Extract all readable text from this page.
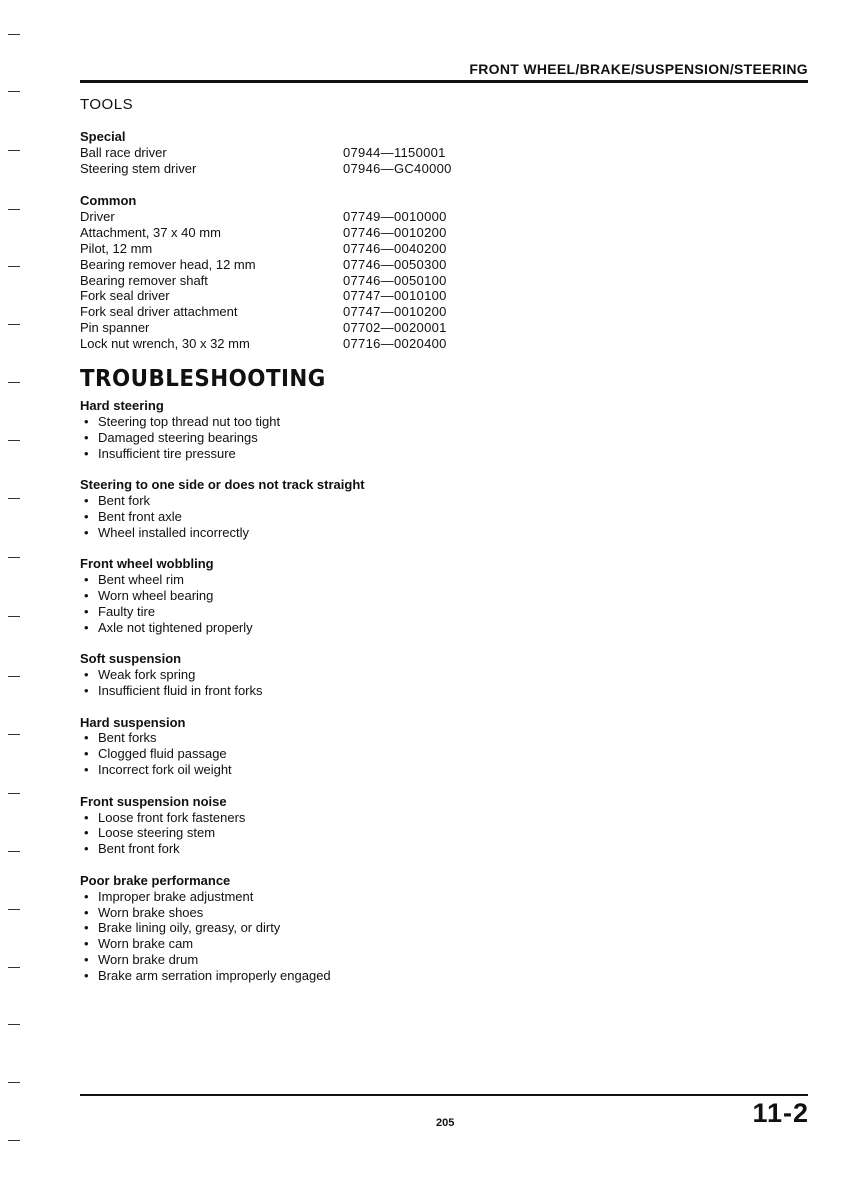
FRONT WHEEL/BRAKE/SUSPENSION/STEERING
TOOLS
Special
Ball race driver	07944—1150001
Steering stem driver	07946—GC40000
Common
Driver	07749—0010000
Attachment, 37 x 40 mm	07746—0010200
Pilot, 12 mm	07746—0040200
Bearing remover head, 12 mm	07746—0050300
Bearing remover shaft	07746—0050100
Fork seal driver	07747—0010100
Fork seal driver attachment	07747—0010200
Pin spanner	07702—0020001
Lock nut wrench, 30 x 32 mm	07716—0020400
TROUBLESHOOTING
Hard steering
• Steering top thread nut too tight
• Damaged steering bearings
• Insufficient tire pressure
Steering to one side or does not track straight
• Bent fork
• Bent front axle
• Wheel installed incorrectly
Front wheel wobbling
• Bent wheel rim
• Worn wheel bearing
• Faulty tire
• Axle not tightened properly
Soft suspension
• Weak fork spring
• Insufficient fluid in front forks
Hard suspension
• Bent forks
• Clogged fluid passage
• Incorrect fork oil weight
Front suspension noise
• Loose front fork fasteners
• Loose steering stem
• Bent front fork
Poor brake performance
• Improper brake adjustment
• Worn brake shoes
• Brake lining oily, greasy, or dirty
• Worn brake cam
• Worn brake drum
• Brake arm serration improperly engaged
205	11-2
